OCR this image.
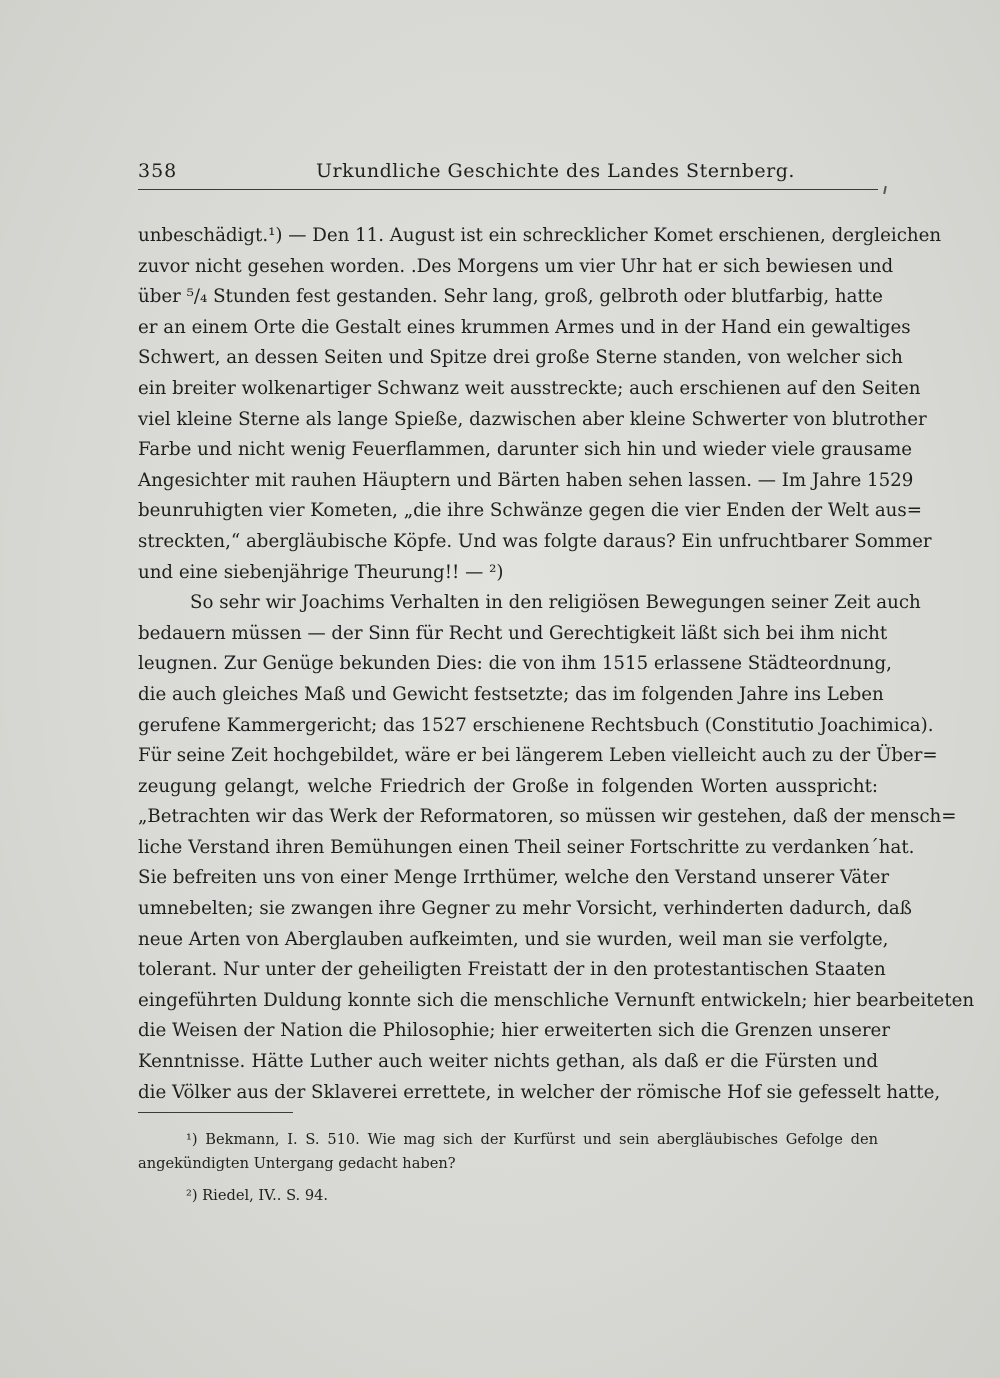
358	Urkundliche Geschichte des Landes Sternberg.
unbeschädigt.¹) — Den 11. August ist ein schrecklicher Komet erschienen, dergleichen
zuvor nicht gesehen worden. .Des Morgens um vier Uhr hat er sich bewiesen und
über ⁵/₄ Stunden fest gestanden. Sehr lang, groß, gelbroth oder blutfarbig, hatte
er an einem Orte die Gestalt eines krummen Armes und in der Hand ein gewaltiges
Schwert, an dessen Seiten und Spitze drei große Sterne standen, von welcher sich
ein breiter wolkenartiger Schwanz weit ausstreckte; auch erschienen auf den Seiten
viel kleine Sterne als lange Spieße, dazwischen aber kleine Schwerter von blutrother
Farbe und nicht wenig Feuerflammen, darunter sich hin und wieder viele grausame
Angesichter mit rauhen Häuptern und Bärten haben sehen lassen. — Im Jahre 1529
beunruhigten vier Kometen, „die ihre Schwänze gegen die vier Enden der Welt aus=
streckten,“ abergläubische Köpfe. Und was folgte daraus? Ein unfruchtbarer Sommer
und eine siebenjährige Theurung!! — ²)
So sehr wir Joachims Verhalten in den religiösen Bewegungen seiner Zeit auch
bedauern müssen — der Sinn für Recht und Gerechtigkeit läßt sich bei ihm nicht
leugnen. Zur Genüge bekunden Dies: die von ihm 1515 erlassene Städteordnung,
die auch gleiches Maß und Gewicht festsetzte; das im folgenden Jahre ins Leben
gerufene Kammergericht; das 1527 erschienene Rechtsbuch (Constitutio Joachimica).
Für seine Zeit hochgebildet, wäre er bei längerem Leben vielleicht auch zu der Über=
zeugung gelangt, welche Friedrich der Große in folgenden Worten ausspricht:
„Betrachten wir das Werk der Reformatoren, so müssen wir gestehen, daß der mensch=
liche Verstand ihren Bemühungen einen Theil seiner Fortschritte zu verdanken´hat.
Sie befreiten uns von einer Menge Irrthümer, welche den Verstand unserer Väter
umnebelten; sie zwangen ihre Gegner zu mehr Vorsicht, verhinderten dadurch, daß
neue Arten von Aberglauben aufkeimten, und sie wurden, weil man sie verfolgte,
tolerant. Nur unter der geheiligten Freistatt der in den protestantischen Staaten
eingeführten Duldung konnte sich die menschliche Vernunft entwickeln; hier bearbeiteten
die Weisen der Nation die Philosophie; hier erweiterten sich die Grenzen unserer
Kenntnisse. Hätte Luther auch weiter nichts gethan, als daß er die Fürsten und
die Völker aus der Sklaverei errettete, in welcher der römische Hof sie gefesselt hatte,
¹) Bekmann, I. S. 510. Wie mag sich der Kurfürst und sein abergläubisches Gefolge den
angekündigten Untergang gedacht haben?
²) Riedel, IV.. S. 94.
